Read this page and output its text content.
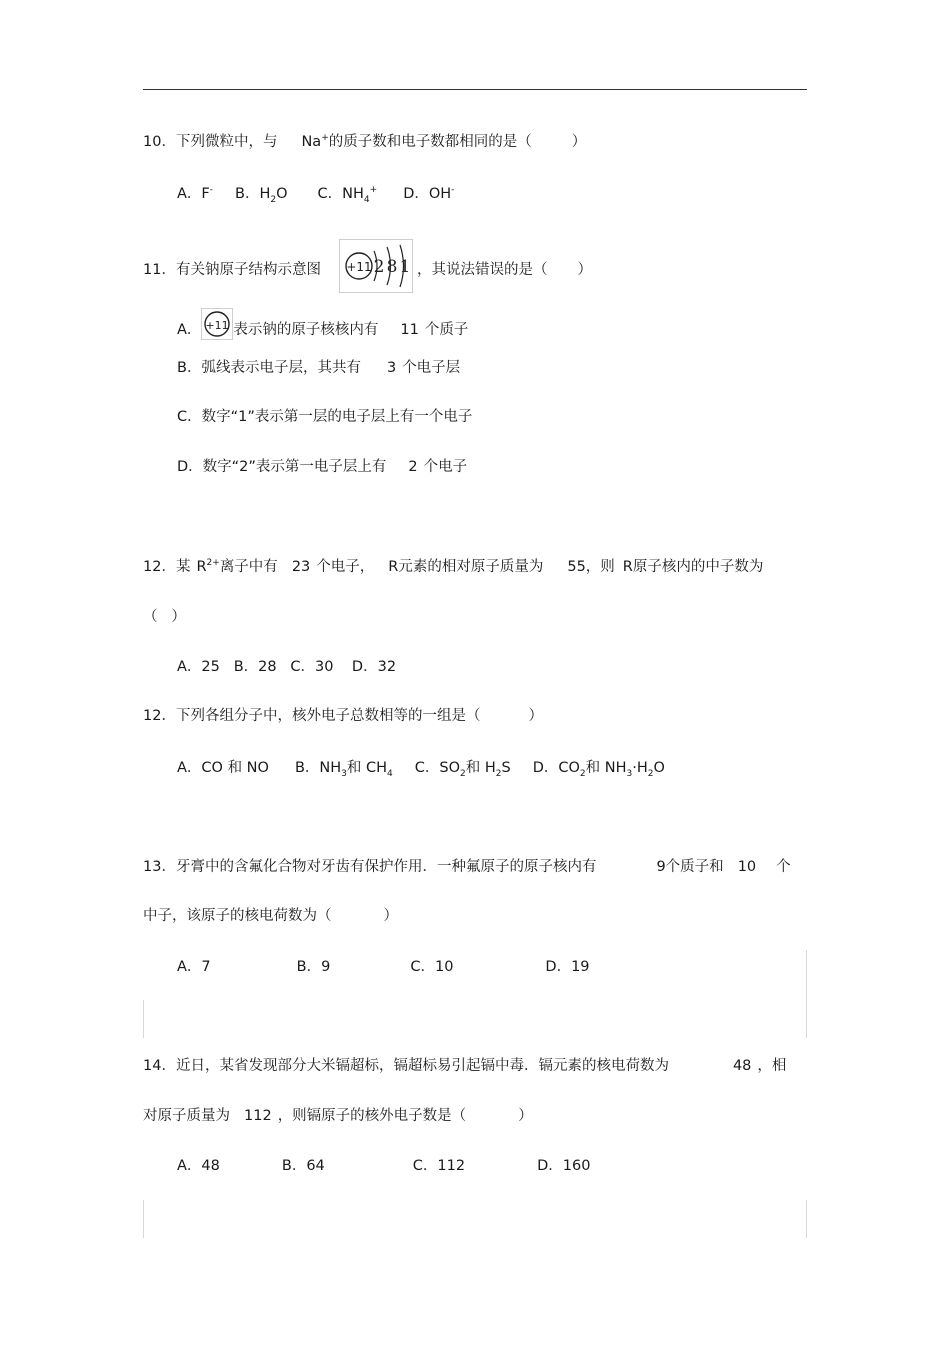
10．下列微粒中，与 Na+的质子数和电子数都相同的是（	）
A．F- B．$H_2O$ C．$NH_4^+$ D．OH-
11．有关钠原子结构示意图 +11 2 8 1 ，其说法错误的是（ ）
A． +11 表示钠的原子核核内有 11 个质子
B．弧线表示电子层，其共有 3 个电子层
C．数字“1”表示第一层的电子层上有一个电子
D．数字“2”表示第一电子层上有 2 个电子
12．某 $R^{2+}$离子中有 23 个电子， R元素的相对原子质量为 55，则 R原子核内的中子数为
（   ）
A．25   B．28   C．30    D．32
12．下列各组分子中，核外电子总数相等的一组是（	）
A．CO 和 NO B．$NH_3$和 $CH_4$ C．$SO_2$和 $H_2S$ D．$CO_2$和 $NH_3\cdot H_2O$
13．牙膏中的含氟化合物对牙齿有保护作用．一种氟原子的原子核内有	9个质子和 10 个
中子，该原子的核电荷数为（	）
A．7	B．9	C．10	D．19
14．近日，某省发现部分大米镉超标，镉超标易引起镉中毒．镉元素的核电荷数为	48 ，相
对原子质量为 112 ，则镉原子的核外电子数是（	）
A．48	B．64	C．112	D．160
